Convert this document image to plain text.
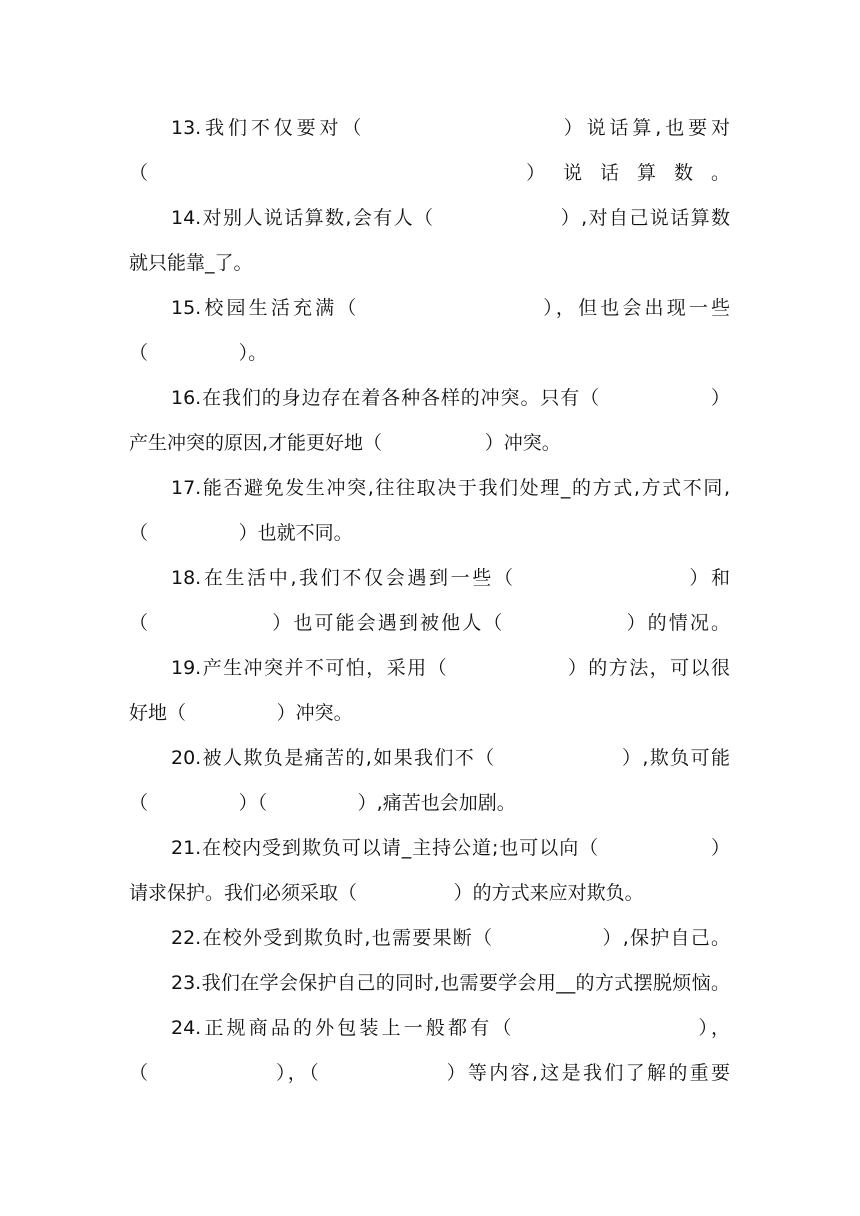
13.我们不仅要对（                    ）说话算,也要对
（               ）说话算数。
14.对别人说话算数,会有人（                 ）,对自己说话算数
就只能靠_了。
15.校园生活充满（                    ），但也会出现一些
（               ）。
16.在我们的身边存在着各种各样的冲突。只有（                ）
产生冲突的原因,才能更好地（                 ）冲突。
17.能否避免发生冲突,往往取决于我们处理_的方式,方式不同,
（               ）也就不同。
18.在生活中,我们不仅会遇到一些（                    ）和
（               ）也可能会遇到被他人（               ）的情况。
19.产生冲突并不可怕，采用（                ）的方法，可以很
好地（               ）冲突。
20.被人欺负是痛苦的,如果我们不（                 ）,欺负可能
（               ）（               ）,痛苦也会加剧。
21.在校内受到欺负可以请_主持公道;也可以向（                ）
请求保护。我们必须采取（                ）的方式来应对欺负。
22.在校外受到欺负时,也需要果断（               ）,保护自己。
23.我们在学会保护自己的同时,也需要学会用__的方式摆脱烦恼。
24.正规商品的外包装上一般都有（                    ），
（               ），（               ）等内容,这是我们了解的重要
